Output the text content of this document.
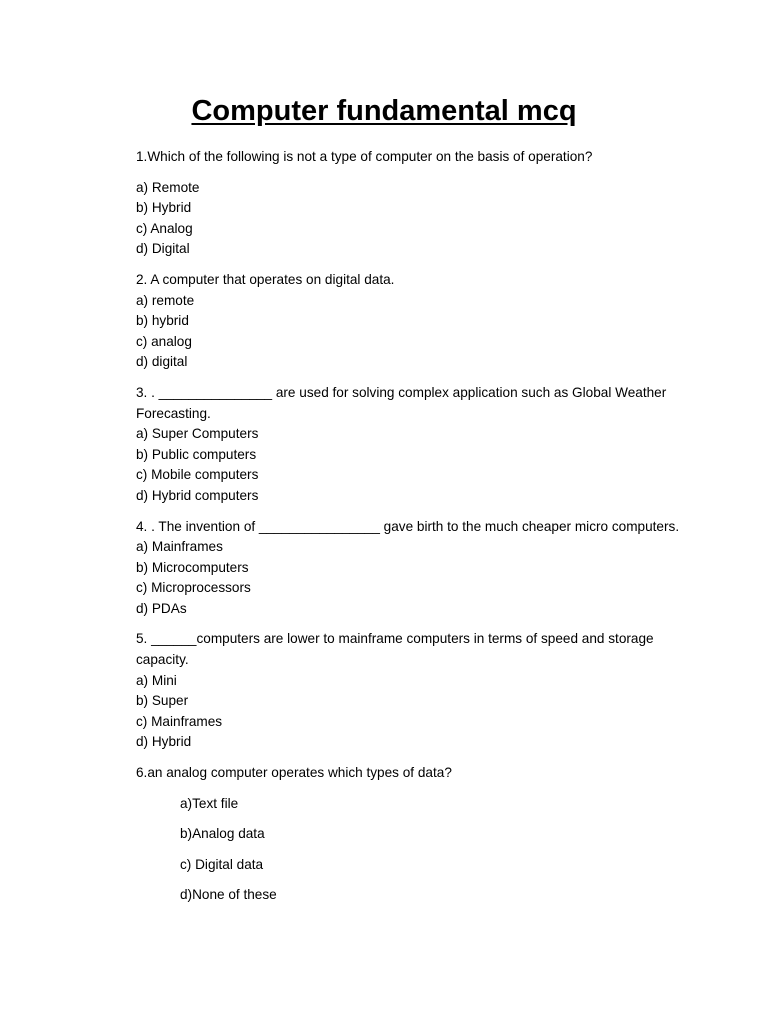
Computer fundamental mcq

1.Which of the following is not a type of computer on the basis of operation?

a) Remote
b) Hybrid
c) Analog
d) Digital

2. A computer that operates on digital data.

a) remote
b) hybrid
c) analog
d) digital

3. . _______________ are used for solving complex application such as Global Weather Forecasting.

a) Super Computers
b) Public computers
c) Mobile computers
d) Hybrid computers

4. . The invention of ________________ gave birth to the much cheaper micro computers.

a) Mainframes
b) Microcomputers
c) Microprocessors
d) PDAs

5. ______computers are lower to mainframe computers in terms of speed and storage capacity.

a) Mini
b) Super
c) Mainframes
d) Hybrid

6.an analog computer operates which types of data?

a)Text file
b)Analog data
c) Digital data
d)None of these
